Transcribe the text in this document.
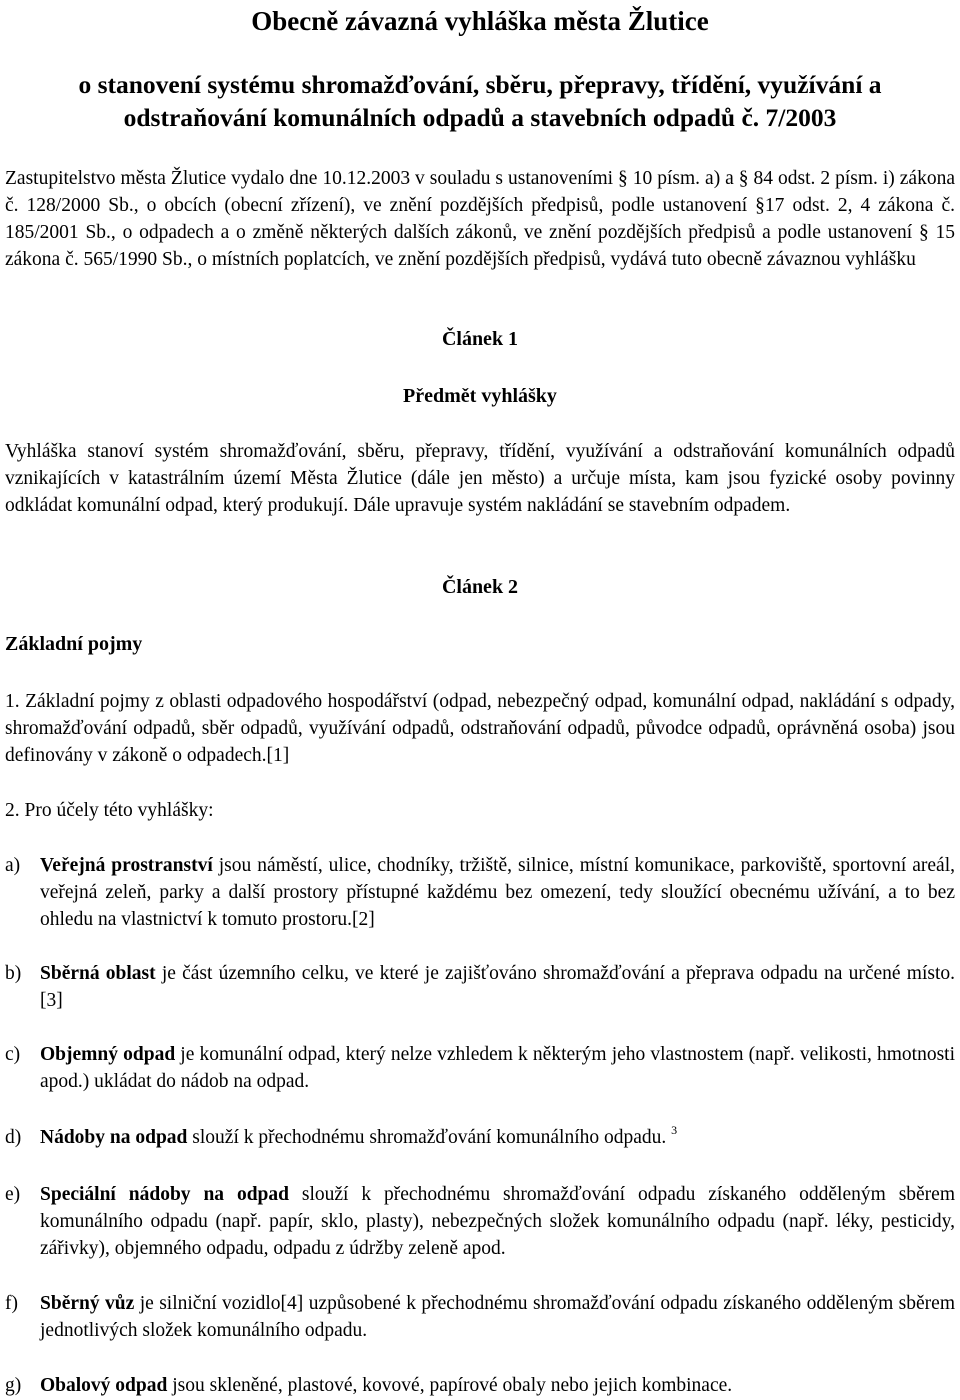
Obecně závazná vyhláška města Žlutice
o stanovení systému shromažďování, sběru, přepravy, třídění, využívání a odstraňování komunálních odpadů a stavebních odpadů č. 7/2003

Zastupitelstvo města Žlutice vydalo dne 10.12.2003 v souladu s ustanoveními § 10 písm. a) a § 84 odst. 2 písm. i) zákona č. 128/2000 Sb., o obcích (obecní zřízení), ve znění pozdějších předpisů, podle ustanovení §17 odst. 2, 4 zákona č. 185/2001 Sb., o odpadech a o změně některých dalších zákonů, ve znění pozdějších předpisů a podle ustanovení § 15 zákona č. 565/1990 Sb., o místních poplatcích, ve znění pozdějších předpisů, vydává tuto obecně závaznou vyhlášku

Článek 1

Předmět vyhlášky

Vyhláška stanoví systém shromažďování, sběru, přepravy, třídění, využívání a odstraňování komunálních odpadů vznikajících v katastrálním území Města Žlutice (dále jen město) a určuje místa, kam jsou fyzické osoby povinny odkládat komunální odpad, který produkují. Dále upravuje systém nakládání se stavebním odpadem.

Článek 2

Základní pojmy

1. Základní pojmy z oblasti odpadového hospodářství (odpad, nebezpečný odpad, komunální odpad, nakládání s odpady, shromažďování odpadů, sběr odpadů, využívání odpadů, odstraňování odpadů, původce odpadů, oprávněná osoba) jsou definovány v zákoně o odpadech.[1]

2. Pro účely této vyhlášky:

a) Veřejná prostranství jsou náměstí, ulice, chodníky, tržiště, silnice, místní komunikace, parkoviště, sportovní areál, veřejná zeleň, parky a další prostory přístupné každému bez omezení, tedy sloužící obecnému užívání, a to bez ohledu na vlastnictví k tomuto prostoru.[2]
b) Sběrná oblast je část územního celku, ve které je zajišťováno shromažďování a přeprava odpadu na určené místo.[3]
c) Objemný odpad je komunální odpad, který nelze vzhledem k některým jeho vlastnostem (např. velikosti, hmotnosti apod.) ukládat do nádob na odpad.
d) Nádoby na odpad slouží k přechodnému shromažďování komunálního odpadu. $^3$
e) Speciální nádoby na odpad slouží k přechodnému shromažďování odpadu získaného odděleným sběrem komunálního odpadu (např. papír, sklo, plasty), nebezpečných složek komunálního odpadu (např. léky, pesticidy, zářivky), objemného odpadu, odpadu z údržby zeleně apod.
f) Sběrný vůz je silniční vozidlo[4] uzpůsobené k přechodnému shromažďování odpadu získaného odděleným sběrem jednotlivých složek komunálního odpadu.
g) Obalový odpad jsou skleněné, plastové, kovové, papírové obaly nebo jejich kombinace.
